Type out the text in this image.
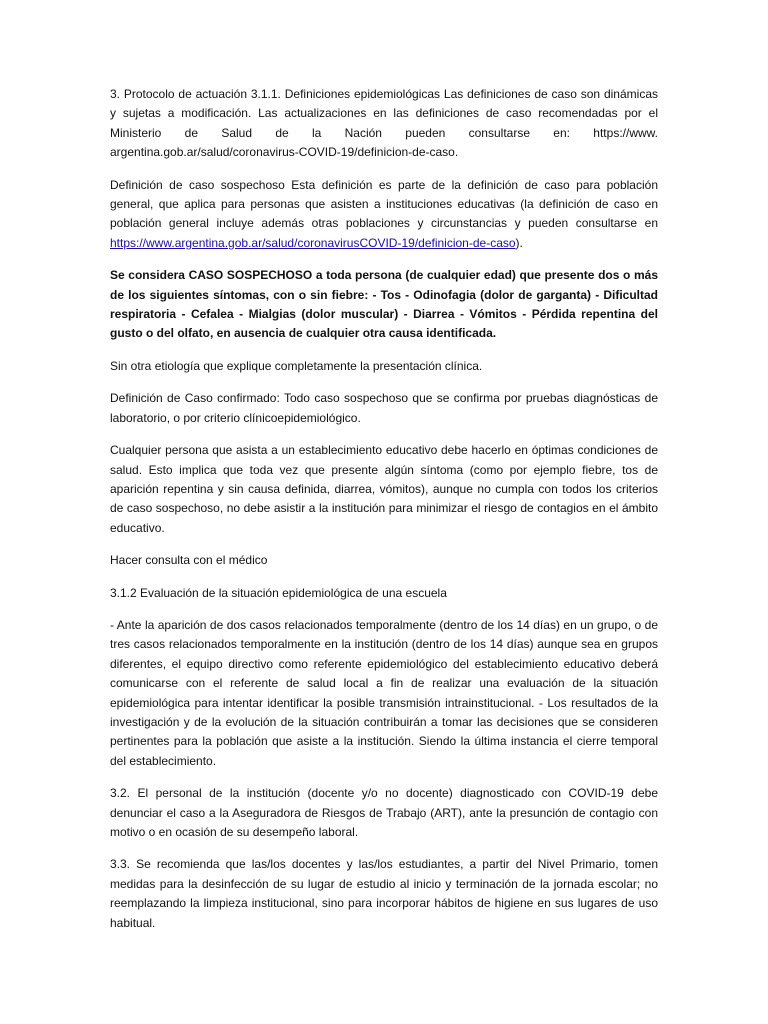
3. Protocolo de actuación 3.1.1. Definiciones epidemiológicas Las definiciones de caso son dinámicas y sujetas a modificación. Las actualizaciones en las definiciones de caso recomendadas por el Ministerio de Salud de la Nación pueden consultarse en: https://www. argentina.gob.ar/salud/coronavirus-COVID-19/definicion-de-caso.

Definición de caso sospechoso Esta definición es parte de la definición de caso para población general, que aplica para personas que asisten a instituciones educativas (la definición de caso en población general incluye además otras poblaciones y circunstancias y pueden consultarse en https://www.argentina.gob.ar/salud/coronavirusCOVID-19/definicion-de-caso).

Se considera CASO SOSPECHOSO a toda persona (de cualquier edad) que presente dos o más de los siguientes síntomas, con o sin fiebre: - Tos - Odinofagia (dolor de garganta) - Dificultad respiratoria - Cefalea - Mialgias (dolor muscular) - Diarrea - Vómitos - Pérdida repentina del gusto o del olfato, en ausencia de cualquier otra causa identificada.

Sin otra etiología que explique completamente la presentación clínica.

Definición de Caso confirmado: Todo caso sospechoso que se confirma por pruebas diagnósticas de laboratorio, o por criterio clínicoepidemiológico.

Cualquier persona que asista a un establecimiento educativo debe hacerlo en óptimas condiciones de salud. Esto implica que toda vez que presente algún síntoma (como por ejemplo fiebre, tos de aparición repentina y sin causa definida, diarrea, vómitos), aunque no cumpla con todos los criterios de caso sospechoso, no debe asistir a la institución para minimizar el riesgo de contagios en el ámbito educativo.

Hacer consulta con el médico

3.1.2 Evaluación de la situación epidemiológica de una escuela

- Ante la aparición de dos casos relacionados temporalmente (dentro de los 14 días) en un grupo, o de tres casos relacionados temporalmente en la institución (dentro de los 14 días) aunque sea en grupos diferentes, el equipo directivo como referente epidemiológico del establecimiento educativo deberá comunicarse con el referente de salud local a fin de realizar una evaluación de la situación epidemiológica para intentar identificar la posible transmisión intrainstitucional. - Los resultados de la investigación y de la evolución de la situación contribuirán a tomar las decisiones que se consideren pertinentes para la población que asiste a la institución. Siendo la última instancia el cierre temporal del establecimiento.

3.2. El personal de la institución (docente y/o no docente) diagnosticado con COVID-19 debe denunciar el caso a la Aseguradora de Riesgos de Trabajo (ART), ante la presunción de contagio con motivo o en ocasión de su desempeño laboral.

3.3. Se recomienda que las/los docentes y las/los estudiantes, a partir del Nivel Primario, tomen medidas para la desinfección de su lugar de estudio al inicio y terminación de la jornada escolar; no reemplazando la limpieza institucional, sino para incorporar hábitos de higiene en sus lugares de uso habitual.
